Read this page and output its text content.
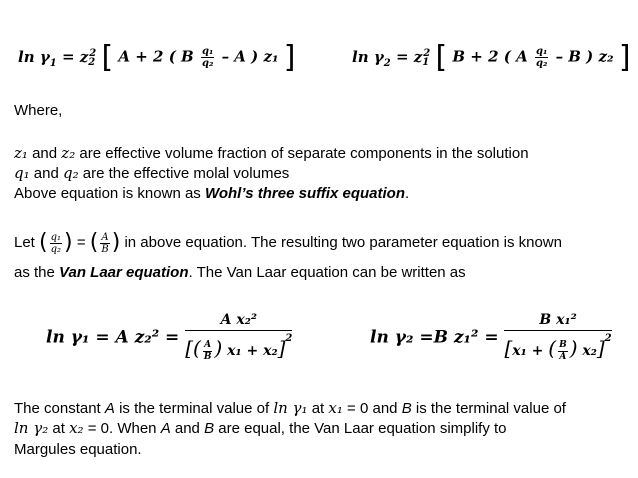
$\ln \gamma_1 = z_2^2$ [ A + 2 ( B $\frac{\text{q₁}}{\text{q₂}}$ – A ) z₁ ]	$\ln \gamma_2 = z_1^2$ [ B + 2 ( A $\frac{\text{q₁}}{\text{q₂}}$ – B ) z₂ ]
Where,
z₁ and z₂ are effective volume fraction of separate components in the solution
q₁ and q₂ are the effective molal volumes
Above equation is known as Wohl’s three suffix equation.
Let ( $\frac{\text{q₁}}{\text{q₂}}$ ) = ( $\frac{A}{B}$ ) in above equation. The resulting two parameter equation is known
as the Van Laar equation. The Van Laar equation can be written as
ln γ₁ = A $z_2^2 = \frac{\text{A x₂²}}{[( \frac{A}{B} ) x_1 + x_2]^2}$	ln γ₂ =B $z_1^2 = \frac{\text{B x₁²}}{[x_1 + ( \frac{B}{A} ) x_2]^2}$
The constant A is the terminal value of ln γ₁ at x₁ = 0 and B is the terminal value of
ln γ₂ at x₂ = 0. When A and B are equal, the Van Laar equation simplify to
Margules equation.
